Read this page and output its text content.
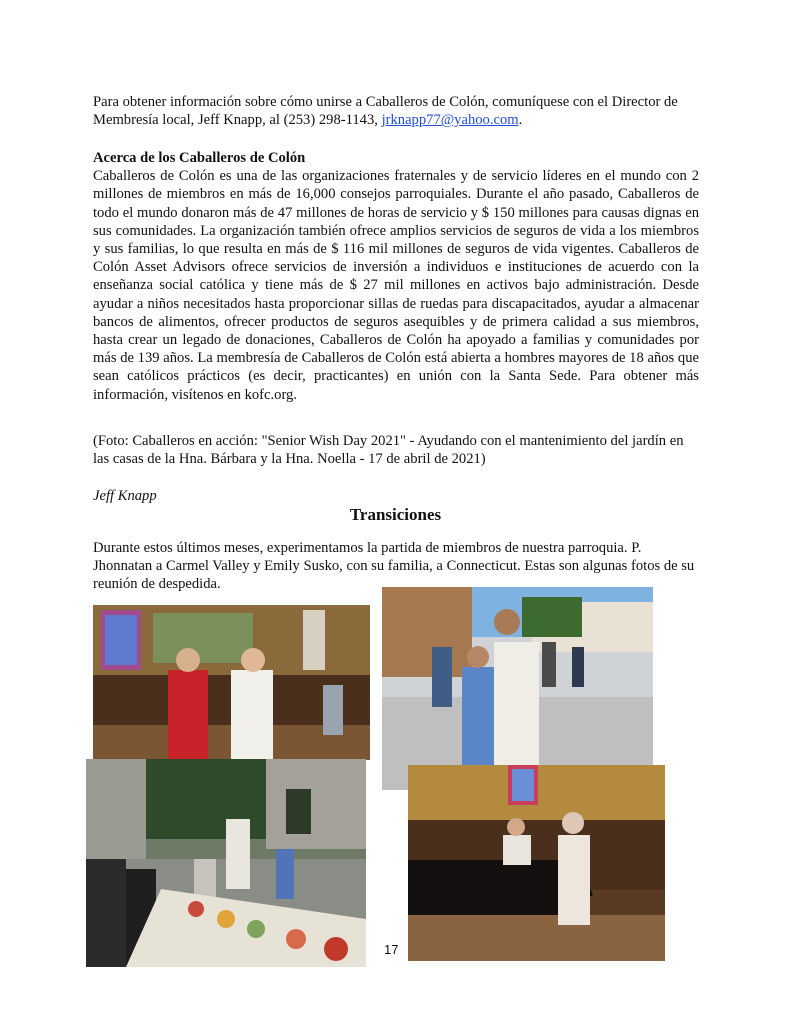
Para obtener información sobre cómo unirse a Caballeros de Colón, comuníquese con el Director de Membresía local, Jeff Knapp, al (253) 298-1143, jrknapp77@yahoo.com.
Acerca de los Caballeros de Colón
Caballeros de Colón es una de las organizaciones fraternales y de servicio líderes en el mundo con 2 millones de miembros en más de 16,000 consejos parroquiales. Durante el año pasado, Caballeros de todo el mundo donaron más de 47 millones de horas de servicio y $ 150 millones para causas dignas en sus comunidades. La organización también ofrece amplios servicios de seguros de vida a los miembros y sus familias, lo que resulta en más de $ 116 mil millones de seguros de vida vigentes. Caballeros de Colón Asset Advisors ofrece servicios de inversión a individuos e instituciones de acuerdo con la enseñanza social católica y tiene más de $ 27 mil millones en activos bajo administración. Desde ayudar a niños necesitados hasta proporcionar sillas de ruedas para discapacitados, ayudar a almacenar bancos de alimentos, ofrecer productos de seguros asequibles y de primera calidad a sus miembros, hasta crear un legado de donaciones, Caballeros de Colón ha apoyado a familias y comunidades por más de 139 años. La membresía de Caballeros de Colón está abierta a hombres mayores de 18 años que sean católicos prácticos (es decir, practicantes) en unión con la Santa Sede. Para obtener más información, visítenos en kofc.org.
(Foto: Caballeros en acción: "Senior Wish Day 2021" - Ayudando con el mantenimiento del jardín en las casas de la Hna. Bárbara y la Hna. Noella - 17 de abril de 2021)
Jeff Knapp
Transiciones
Durante estos últimos meses, experimentamos la partida de miembros de nuestra parroquia. P. Jhonnatan a Carmel Valley y Emily Susko, con su familia, a Connecticut. Estas son algunas fotos de su reunión de despedida.
17
